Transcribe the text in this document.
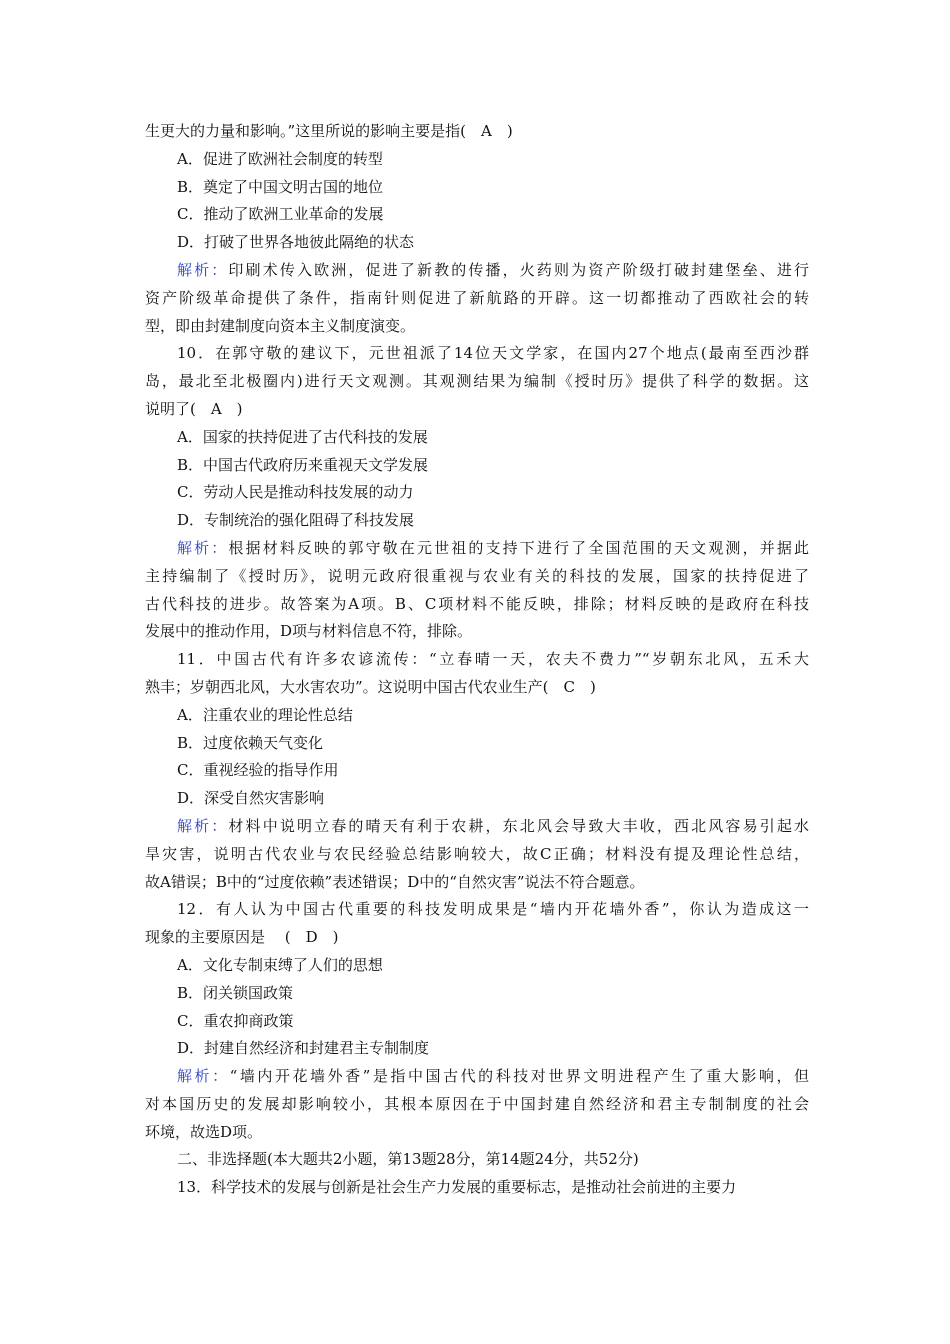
生更大的力量和影响。”这里所说的影响主要是指(　A　)
A．促进了欧洲社会制度的转型
B．奠定了中国文明古国的地位
C．推动了欧洲工业革命的发展
D．打破了世界各地彼此隔绝的状态
解析：印刷术传入欧洲，促进了新教的传播，火药则为资产阶级打破封建堡垒、进行
资产阶级革命提供了条件，指南针则促进了新航路的开辟。这一切都推动了西欧社会的转
型，即由封建制度向资本主义制度演变。
10．在郭守敬的建议下，元世祖派了14位天文学家，在国内27个地点(最南至西沙群
岛，最北至北极圈内)进行天文观测。其观测结果为编制《授时历》提供了科学的数据。这
说明了(　A　)
A．国家的扶持促进了古代科技的发展
B．中国古代政府历来重视天文学发展
C．劳动人民是推动科技发展的动力
D．专制统治的强化阻碍了科技发展
解析：根据材料反映的郭守敬在元世祖的支持下进行了全国范围的天文观测，并据此
主持编制了《授时历》，说明元政府很重视与农业有关的科技的发展，国家的扶持促进了
古代科技的进步。故答案为A项。B、C项材料不能反映，排除；材料反映的是政府在科技
发展中的推动作用，D项与材料信息不符，排除。
11．中国古代有许多农谚流传：“立春晴一天，农夫不费力”“岁朝东北风，五禾大
熟丰；岁朝西北风，大水害农功”。这说明中国古代农业生产(　C　)
A．注重农业的理论性总结
B．过度依赖天气变化
C．重视经验的指导作用
D．深受自然灾害影响
解析：材料中说明立春的晴天有利于农耕，东北风会导致大丰收，西北风容易引起水
旱灾害，说明古代农业与农民经验总结影响较大，故C正确；材料没有提及理论性总结，
故A错误；B中的“过度依赖”表述错误；D中的“自然灾害”说法不符合题意。
12．有人认为中国古代重要的科技发明成果是“墙内开花墙外香”，你认为造成这一
现象的主要原因是　 (　D　)
A．文化专制束缚了人们的思想
B．闭关锁国政策
C．重农抑商政策
D．封建自然经济和封建君主专制制度
解析：“墙内开花墙外香”是指中国古代的科技对世界文明进程产生了重大影响，但
对本国历史的发展却影响较小，其根本原因在于中国封建自然经济和君主专制制度的社会
环境，故选D项。
二、非选择题(本大题共2小题，第13题28分，第14题24分，共52分)
13．科学技术的发展与创新是社会生产力发展的重要标志，是推动社会前进的主要力
